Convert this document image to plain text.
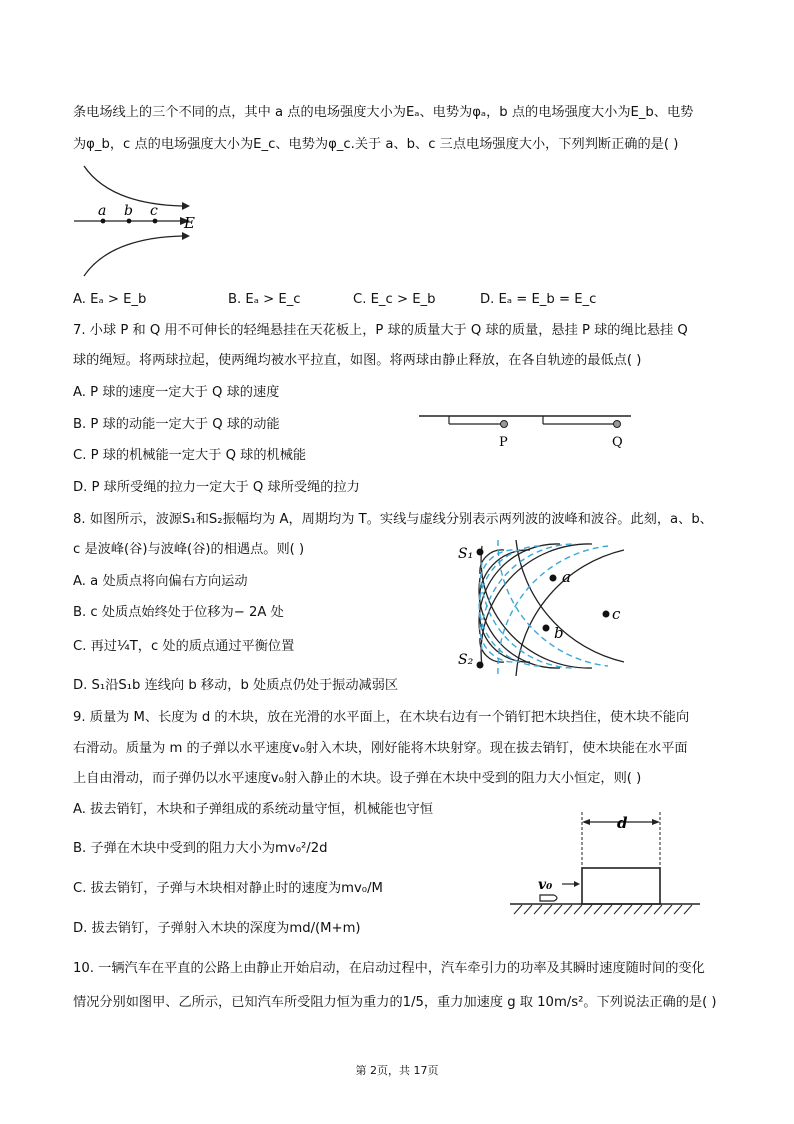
条电场线上的三个不同的点，其中 a 点的电场强度大小为Eₐ、电势为φₐ，b 点的电场强度大小为E_b、电势
为φ_b，c 点的电场强度大小为E_c、电势为φ_c.关于 a、b、c 三点电场强度大小，下列判断正确的是( )
a b c
E
A. Eₐ > E_b	B. Eₐ > E_c	C. E_c > E_b	D. Eₐ = E_b = E_c
7. 小球 P 和 Q 用不可伸长的轻绳悬挂在天花板上，P 球的质量大于 Q 球的质量，悬挂 P 球的绳比悬挂 Q
球的绳短。将两球拉起，使两绳均被水平拉直，如图。将两球由静止释放，在各自轨迹的最低点( )
A. P 球的速度一定大于 Q 球的速度
B. P 球的动能一定大于 Q 球的动能
C. P 球的机械能一定大于 Q 球的机械能
D. P 球所受绳的拉力一定大于 Q 球所受绳的拉力
P	Q
8. 如图所示，波源S₁和S₂振幅均为 A，周期均为 T。实线与虚线分别表示两列波的波峰和波谷。此刻，a、b、
c 是波峰(谷)与波峰(谷)的相遇点。则( )
A. a 处质点将向偏右方向运动
B. c 处质点始终处于位移为− 2A 处
C. 再过¼T，c 处的质点通过平衡位置
D. S₁沿S₁b 连线向 b 移动，b 处质点仍处于振动减弱区
S₁
S₂
a
b
c
9. 质量为 M、长度为 d 的木块，放在光滑的水平面上，在木块右边有一个销钉把木块挡住，使木块不能向
右滑动。质量为 m 的子弹以水平速度v₀射入木块，刚好能将木块射穿。现在拔去销钉，使木块能在水平面
上自由滑动，而子弹仍以水平速度v₀射入静止的木块。设子弹在木块中受到的阻力大小恒定，则( )
A. 拔去销钉，木块和子弹组成的系统动量守恒，机械能也守恒
B. 子弹在木块中受到的阻力大小为mv₀²/2d
C. 拔去销钉，子弹与木块相对静止时的速度为mv₀/M
D. 拔去销钉，子弹射入木块的深度为md/(M+m)
d
v₀
10. 一辆汽车在平直的公路上由静止开始启动，在启动过程中，汽车牵引力的功率及其瞬时速度随时间的变化
情况分别如图甲、乙所示，已知汽车所受阻力恒为重力的1/5，重力加速度 g 取 10m/s²。下列说法正确的是( )
第 2页，共 17页
